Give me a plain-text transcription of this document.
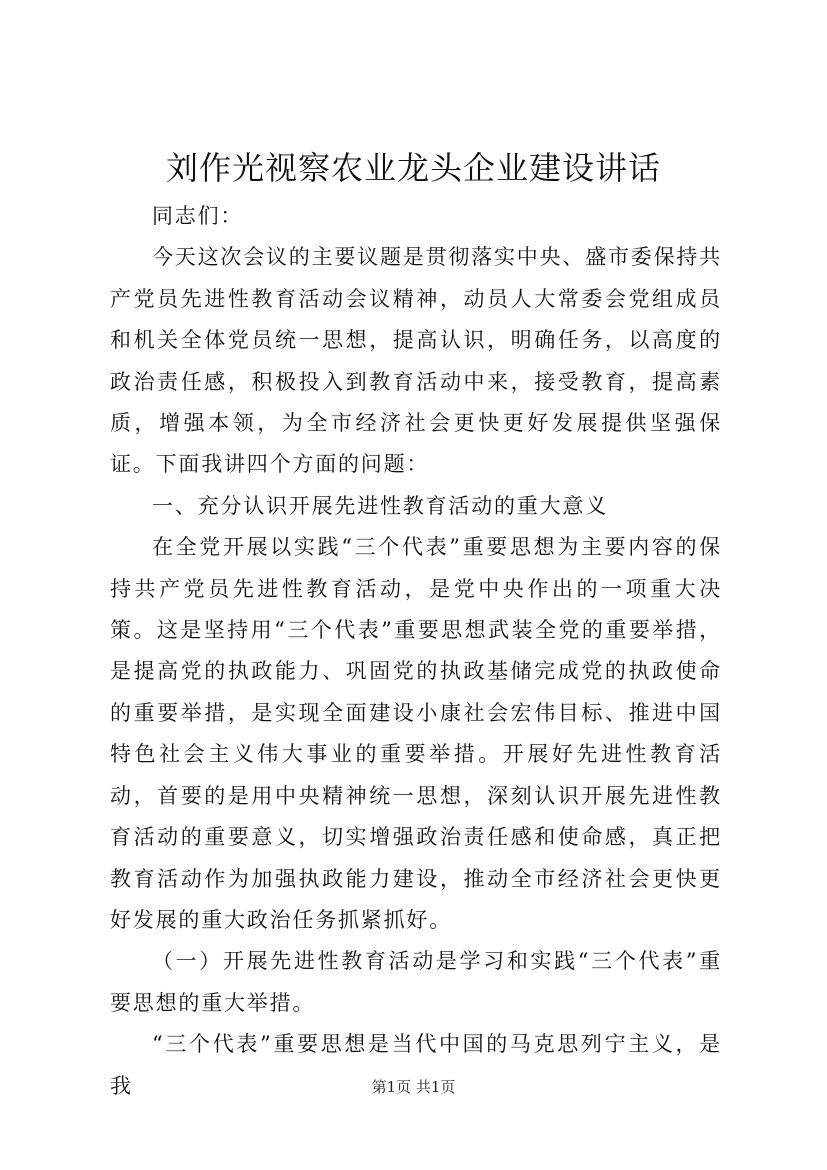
刘作光视察农业龙头企业建设讲话

同志们：

今天这次会议的主要议题是贯彻落实中央、盛市委保持共产党员先进性教育活动会议精神，动员人大常委会党组成员和机关全体党员统一思想，提高认识，明确任务，以高度的政治责任感，积极投入到教育活动中来，接受教育，提高素质，增强本领，为全市经济社会更快更好发展提供坚强保证。下面我讲四个方面的问题：

一、充分认识开展先进性教育活动的重大意义

在全党开展以实践“三个代表”重要思想为主要内容的保持共产党员先进性教育活动，是党中央作出的一项重大决策。这是坚持用“三个代表”重要思想武装全党的重要举措，是提高党的执政能力、巩固党的执政基储完成党的执政使命的重要举措，是实现全面建设小康社会宏伟目标、推进中国特色社会主义伟大事业的重要举措。开展好先进性教育活动，首要的是用中央精神统一思想，深刻认识开展先进性教育活动的重要意义，切实增强政治责任感和使命感，真正把教育活动作为加强执政能力建设，推动全市经济社会更快更好发展的重大政治任务抓紧抓好。

（一）开展先进性教育活动是学习和实践“三个代表”重要思想的重大举措。

“三个代表”重要思想是当代中国的马克思列宁主义，是我	第1页 共1页
